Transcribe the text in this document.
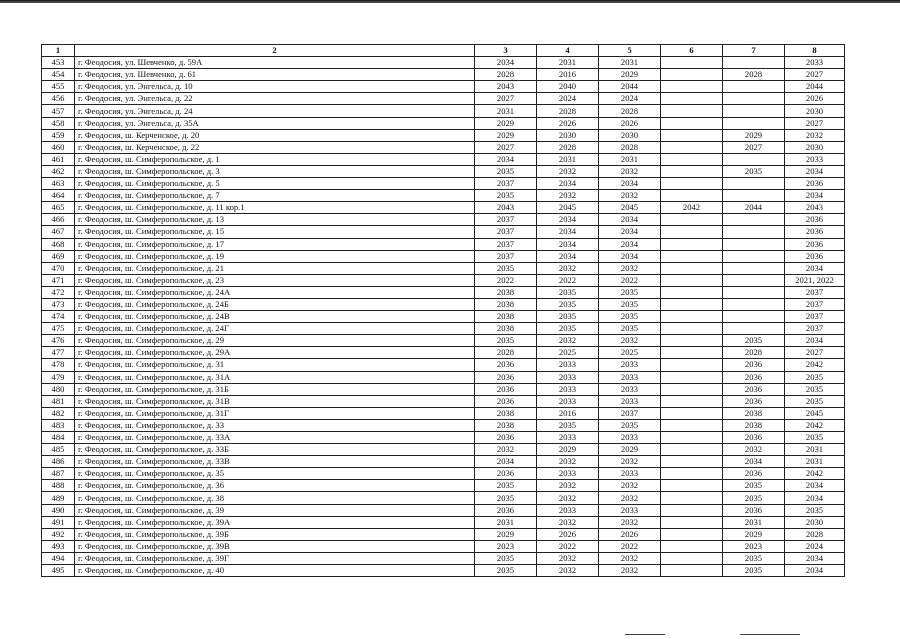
1	2	3	4	5	6	7	8
453	г. Феодосия, ул. Шевченко, д. 59А	2034	2031	2031			2033
454	г. Феодосия, ул. Шевченко, д. 61	2028	2016	2029		2028	2027
455	г. Феодосия, ул. Энгельса, д. 10	2043	2040	2044			2044
456	г. Феодосия, ул. Энгельса, д. 22	2027	2024	2024			2026
457	г. Феодосия, ул. Энгельса, д. 24	2031	2028	2028			2030
458	г. Феодосия, ул. Энгельса, д. 35А	2029	2026	2026			2027
459	г. Феодосия, ш. Керченское, д. 20	2029	2030	2030		2029	2032
460	г. Феодосия, ш. Керченское, д. 22	2027	2028	2028		2027	2030
461	г. Феодосия, ш. Симферопольское, д. 1	2034	2031	2031			2033
462	г. Феодосия, ш. Симферопольское, д. 3	2035	2032	2032		2035	2034
463	г. Феодосия, ш. Симферопольское, д. 5	2037	2034	2034			2036
464	г. Феодосия, ш. Симферопольское, д. 7	2035	2032	2032			2034
465	г. Феодосия, ш. Симферопольское, д. 11 кор.1	2043	2045	2045	2042	2044	2043
466	г. Феодосия, ш. Симферопольское, д. 13	2037	2034	2034			2036
467	г. Феодосия, ш. Симферопольское, д. 15	2037	2034	2034			2036
468	г. Феодосия, ш. Симферопольское, д. 17	2037	2034	2034			2036
469	г. Феодосия, ш. Симферопольское, д. 19	2037	2034	2034			2036
470	г. Феодосия, ш. Симферопольское, д. 21	2035	2032	2032			2034
471	г. Феодосия, ш. Симферопольское, д. 23	2022	2022	2022			2021, 2022
472	г. Феодосия, ш. Симферопольское, д. 24А	2038	2035	2035			2037
473	г. Феодосия, ш. Симферопольское, д. 24Б	2038	2035	2035			2037
474	г. Феодосия, ш. Симферопольское, д. 24В	2038	2035	2035			2037
475	г. Феодосия, ш. Симферопольское, д. 24Г	2038	2035	2035			2037
476	г. Феодосия, ш. Симферопольское, д. 29	2035	2032	2032		2035	2034
477	г. Феодосия, ш. Симферопольское, д. 29А	2028	2025	2025		2028	2027
478	г. Феодосия, ш. Симферопольское, д. 31	2036	2033	2033		2036	2042
479	г. Феодосия, ш. Симферопольское, д. 31А	2036	2033	2033		2036	2035
480	г. Феодосия, ш. Симферопольское, д. 31Б	2036	2033	2033		2036	2035
481	г. Феодосия, ш. Симферопольское, д. 31В	2036	2033	2033		2036	2035
482	г. Феодосия, ш. Симферопольское, д. 31Г	2038	2016	2037		2038	2045
483	г. Феодосия, ш. Симферопольское, д. 33	2038	2035	2035		2038	2042
484	г. Феодосия, ш. Симферопольское, д. 33А	2036	2033	2033		2036	2035
485	г. Феодосия, ш. Симферопольское, д. 33Б	2032	2029	2029		2032	2031
486	г. Феодосия, ш. Симферопольское, д. 33В	2034	2032	2032		2034	2031
487	г. Феодосия, ш. Симферопольское, д. 35	2036	2033	2033		2036	2042
488	г. Феодосия, ш. Симферопольское, д. 36	2035	2032	2032		2035	2034
489	г. Феодосия, ш. Симферопольское, д. 38	2035	2032	2032		2035	2034
490	г. Феодосия, ш. Симферопольское, д. 39	2036	2033	2033		2036	2035
491	г. Феодосия, ш. Симферопольское, д. 39А	2031	2032	2032		2031	2030
492	г. Феодосия, ш. Симферопольское, д. 39Б	2029	2026	2026		2029	2028
493	г. Феодосия, ш. Симферопольское, д. 39В	2023	2022	2022		2023	2024
494	г. Феодосия, ш. Симферопольское, д. 39Г	2035	2032	2032		2035	2034
495	г. Феодосия, ш. Симферопольское, д. 40	2035	2032	2032		2035	2034
